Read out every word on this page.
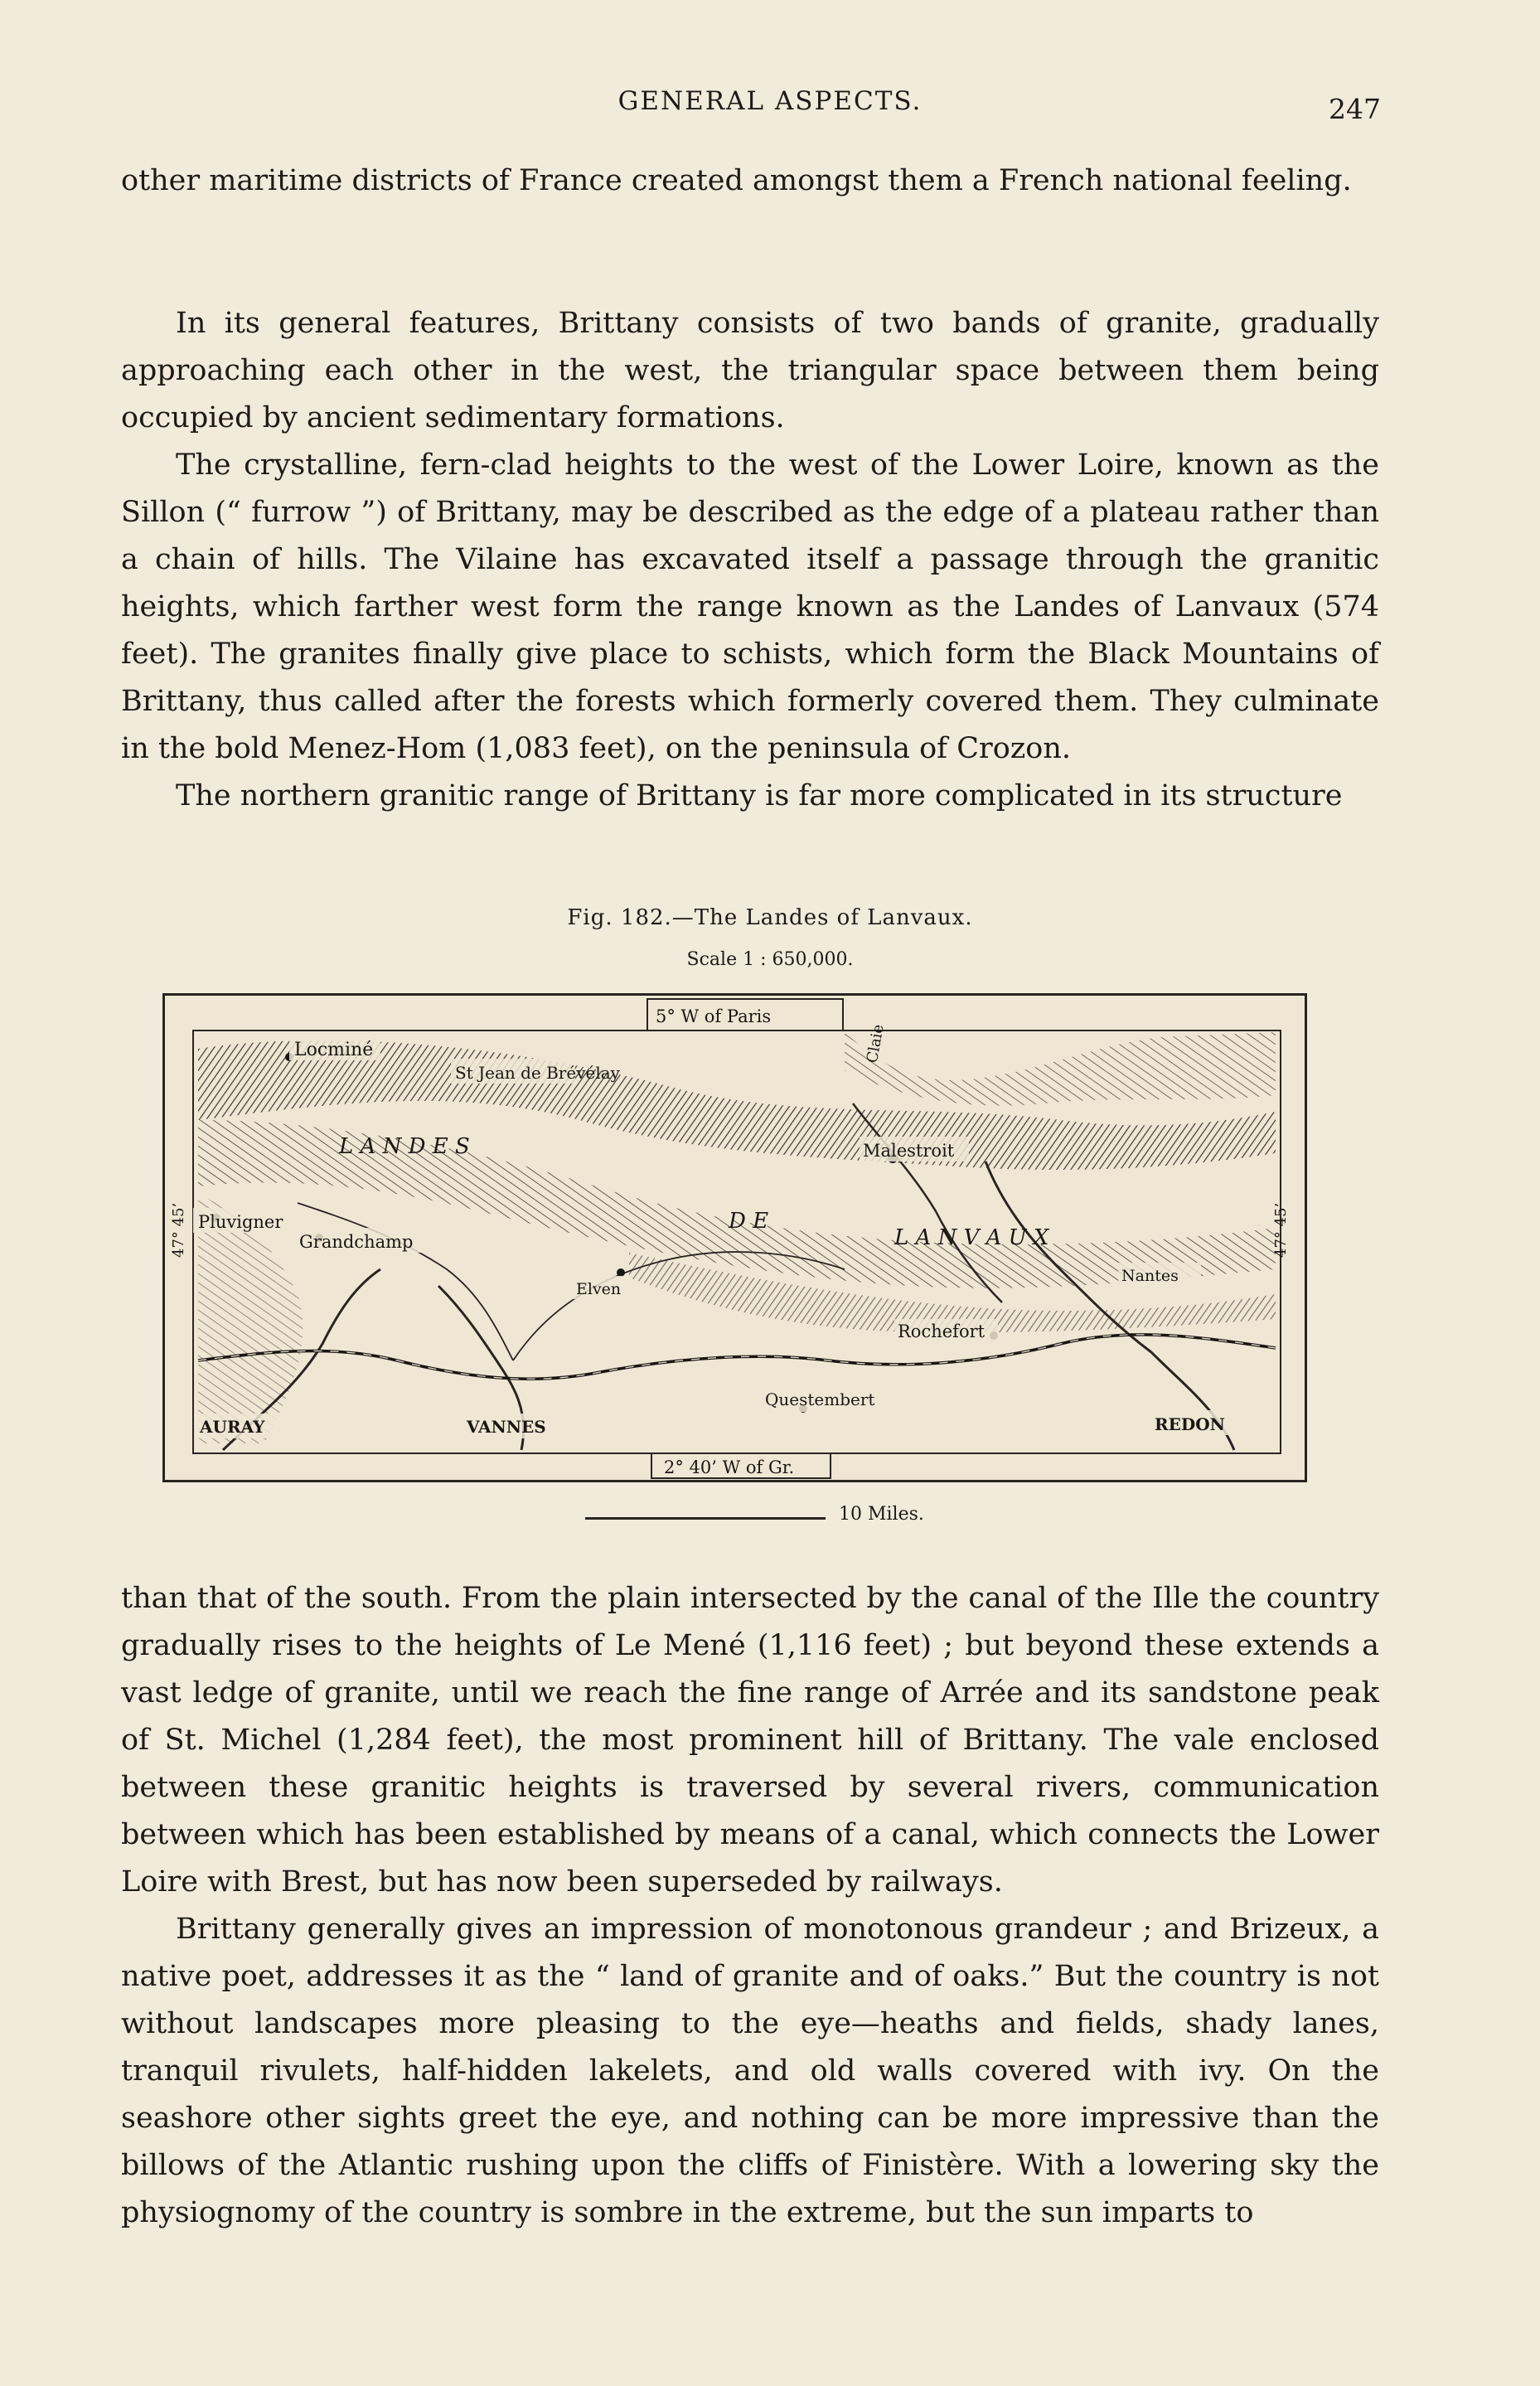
GENERAL ASPECTS.	247

other maritime districts of France created amongst them a French national feeling.

In its general features, Brittany consists of two bands of granite, gradually approaching each other in the west, the triangular space between them being occupied by ancient sedimentary formations.

The crystalline, fern-clad heights to the west of the Lower Loire, known as the Sillon (“ furrow ”) of Brittany, may be described as the edge of a plateau rather than a chain of hills. The Vilaine has excavated itself a passage through the granitic heights, which farther west form the range known as the Landes of Lanvaux (574 feet). The granites finally give place to schists, which form the Black Mountains of Brittany, thus called after the forests which formerly covered them. They culminate in the bold Menez-Hom (1,083 feet), on the peninsula of Crozon.

The northern granitic range of Brittany is far more complicated in its structure

Fig. 182.—The Landes of Lanvaux.
Scale 1 : 650,000.
5° W of Paris
2° 40’ W of Gr.
47° 45’	47° 45’
Locminé
St Jean de Brévélay
L A N D E S
D E
L A N V A U X
Pluvigner
Grandchamp
Elven
Malestroit
Nantes
Rochefort
Questembert
AURAY	VANNES	REDON
Claie
10 Miles.

than that of the south. From the plain intersected by the canal of the Ille the country gradually rises to the heights of Le Mené (1,116 feet) ; but beyond these extends a vast ledge of granite, until we reach the fine range of Arrée and its sandstone peak of St. Michel (1,284 feet), the most prominent hill of Brittany. The vale enclosed between these granitic heights is traversed by several rivers, communication between which has been established by means of a canal, which connects the Lower Loire with Brest, but has now been superseded by railways.

Brittany generally gives an impression of monotonous grandeur ; and Brizeux, a native poet, addresses it as the “ land of granite and of oaks.” But the country is not without landscapes more pleasing to the eye—heaths and fields, shady lanes, tranquil rivulets, half-hidden lakelets, and old walls covered with ivy. On the seashore other sights greet the eye, and nothing can be more impressive than the billows of the Atlantic rushing upon the cliffs of Finistère. With a lowering sky the physiognomy of the country is sombre in the extreme, but the sun imparts to
